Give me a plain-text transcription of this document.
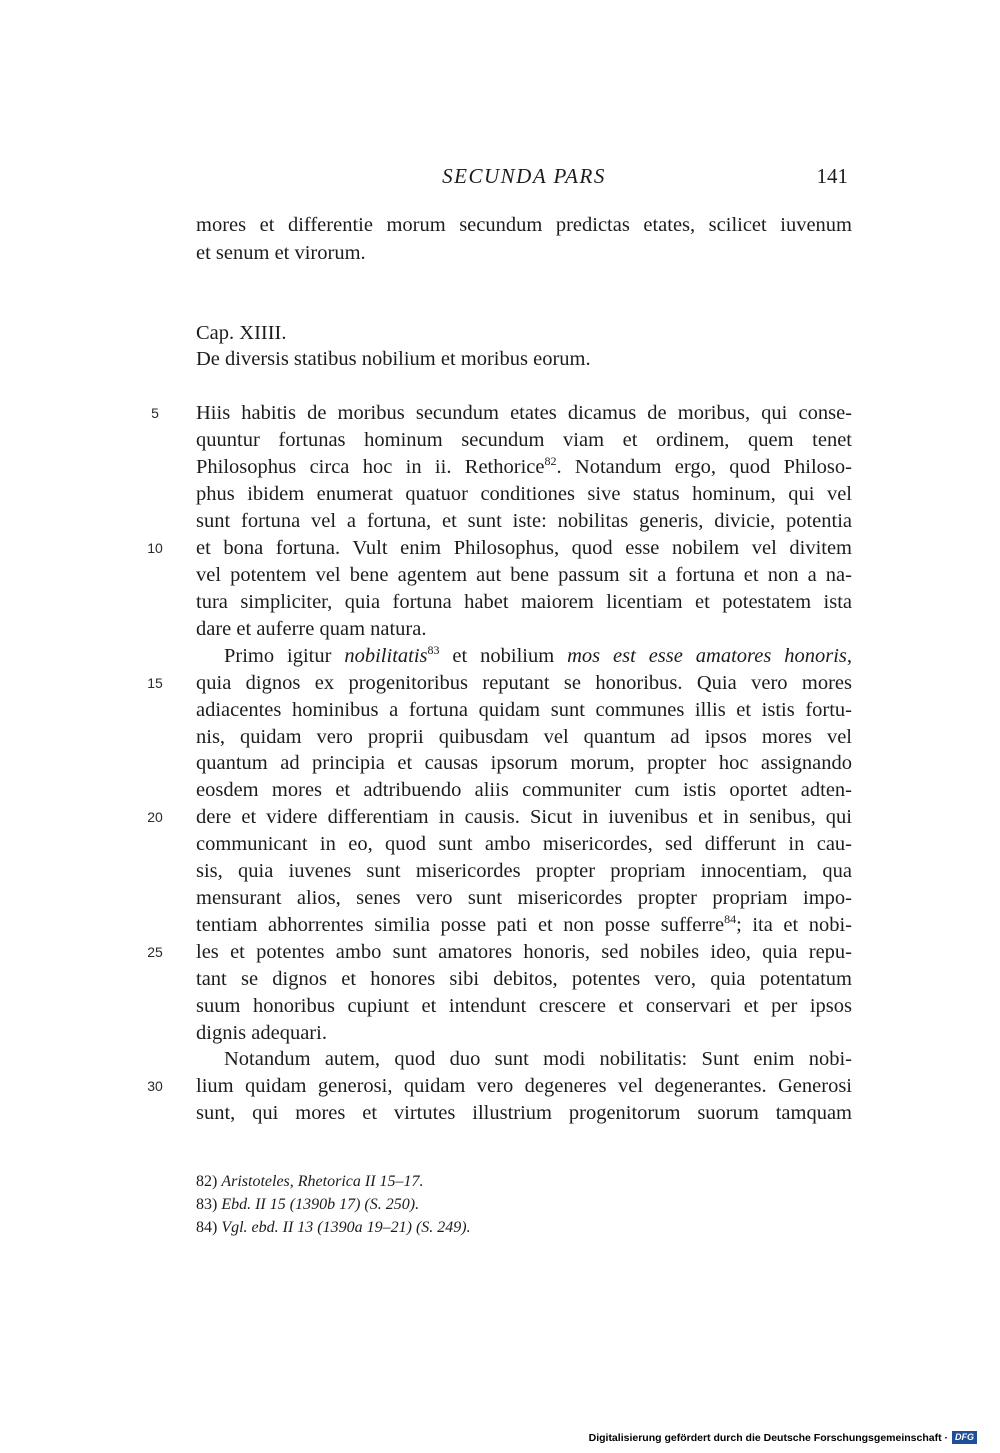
SECUNDA PARS	141
mores et differentie morum secundum predictas etates, scilicet iuvenum
et senum et virorum.
Cap. XIIII.
De diversis statibus nobilium et moribus eorum.
5
10
15
20
25
30
Hiis habitis de moribus secundum etates dicamus de moribus, qui conse-
quuntur fortunas hominum secundum viam et ordinem, quem tenet
Philosophus circa hoc in ii. Rethorice$^{82}$. Notandum ergo, quod Philoso-
phus ibidem enumerat quatuor conditiones sive status hominum, qui vel
sunt fortuna vel a fortuna, et sunt iste: nobilitas generis, divicie, potentia
et bona fortuna. Vult enim Philosophus, quod esse nobilem vel divitem
vel potentem vel bene agentem aut bene passum sit a fortuna et non a na-
tura simpliciter, quia fortuna habet maiorem licentiam et potestatem ista
dare et auferre quam natura.
Primo igitur nobilitatis$^{83}$ et nobilium mos est esse amatores honoris,
quia dignos ex progenitoribus reputant se honoribus. Quia vero mores
adiacentes hominibus a fortuna quidam sunt communes illis et istis fortu-
nis, quidam vero proprii quibusdam vel quantum ad ipsos mores vel
quantum ad principia et causas ipsorum morum, propter hoc assignando
eosdem mores et adtribuendo aliis communiter cum istis oportet adten-
dere et videre differentiam in causis. Sicut in iuvenibus et in senibus, qui
communicant in eo, quod sunt ambo misericordes, sed differunt in cau-
sis, quia iuvenes sunt misericordes propter propriam innocentiam, qua
mensurant alios, senes vero sunt misericordes propter propriam impo-
tentiam abhorrentes similia posse pati et non posse sufferre$^{84}$; ita et nobi-
les et potentes ambo sunt amatores honoris, sed nobiles ideo, quia repu-
tant se dignos et honores sibi debitos, potentes vero, quia potentatum
suum honoribus cupiunt et intendunt crescere et conservari et per ipsos
dignis adequari.
Notandum autem, quod duo sunt modi nobilitatis: Sunt enim nobi-
lium quidam generosi, quidam vero degeneres vel degenerantes. Generosi
sunt, qui mores et virtutes illustrium progenitorum suorum tamquam
82) Aristoteles, Rhetorica II 15–17.
83) Ebd. II 15 (1390b 17) (S. 250).
84) Vgl. ebd. II 13 (1390a 19–21) (S. 249).
Digitalisierung gefördert durch die Deutsche Forschungsgemeinschaft · DFG
